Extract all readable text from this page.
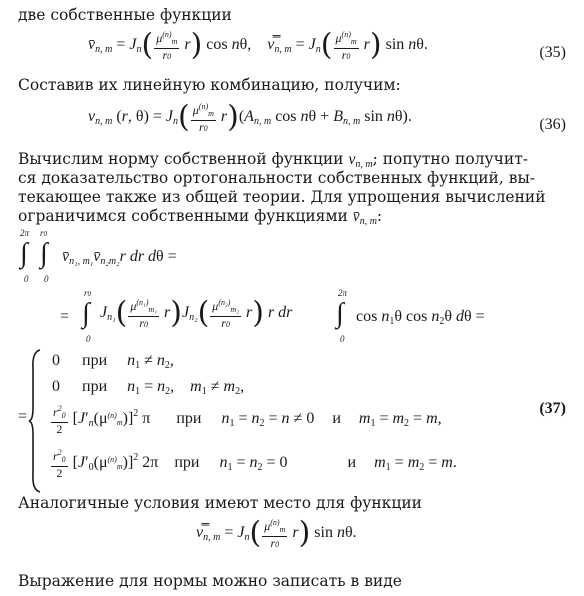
две собственные функции
$v̄_{n, m} = J_n( \frac{\mu^{(n)}m}{r0} r)$ cos nθ,    $v̿_{n, m} = J_n( \frac{\mu^{(n)}m}{r0} r)$ sin nθ.	(35)
Составив их линейную комбинацию, получим:
$v_{n, m}$ (r, $\theta) = J_n( \frac{\mu^{(n)}m}{r0} r)(A_{n, m}$ $\cos n\theta + B_{n, m}$ sin nθ).	(36)
Вычислим норму собственной функции $v_{n, m}$; попутно получит-
ся доказательство ортогональности собственных функций, вы-
текающее также из общей теории. Для упрощения вычислений
ограничимся собственными функциями $v̄_{n, m}$:
2π
∫
0
r0
∫
0
$v̄_{n_1, m_1}v̄_{n_2m_2}r$ dr dθ =
=
r0
∫
0
$J_{n_1}( \frac{\mu^{(n_1)}m_1}{r0} r)J_{n_2}( \frac{\mu^{(n_2)}m_2}{r0} r)$ r dr
2π
∫
0
cos n1θ cos n2θ dθ =
=
0 при n1 ≠ n2,
0 при n1 = n2,    m1 ≠ m2,
$\frac{r^20}{2} [J'_n(\mu^{(n)}m)]^2$ π при n1 = n2 = n ≠ 0 и m1 = m2 = m,
$\frac{r^20}{2} [J'_0(\mu^{(n)}m)]^2$ 2π при n1 = n2 = 0	и m1 = m2 = m.
(37)
Аналогичные условия имеют место для функции
$v̿_{n, m} = J_n( \frac{\mu^{(n)}m}{r0} r)$ sin nθ.
Выражение для нормы можно записать в виде
